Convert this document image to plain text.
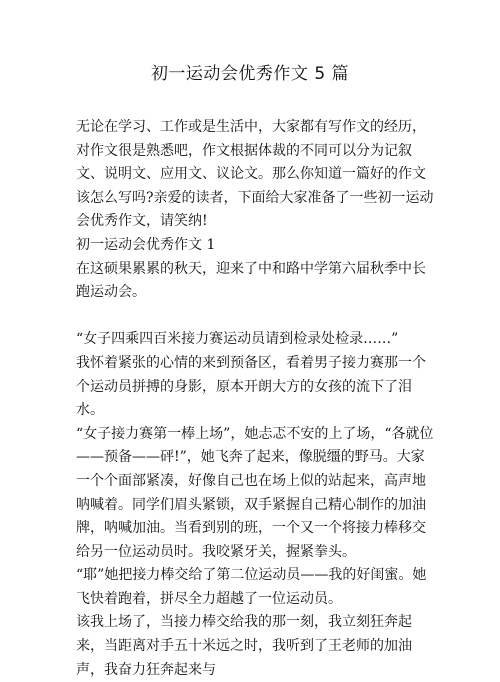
初一运动会优秀作文 5 篇

无论在学习、工作或是生活中，大家都有写作文的经历，对作文很是熟悉吧，作文根据体裁的不同可以分为记叙文、说明文、应用文、议论文。那么你知道一篇好的作文该怎么写吗?亲爱的读者，下面给大家准备了一些初一运动会优秀作文，请笑纳!

初一运动会优秀作文 1

在这硕果累累的秋天，迎来了中和路中学第六届秋季中长跑运动会。

“女子四乘四百米接力赛运动员请到检录处检录……”

我怀着紧张的心情的来到预备区，看着男子接力赛那一个个运动员拼搏的身影，原本开朗大方的女孩的流下了泪水。

“女子接力赛第一棒上场”，她忐忑不安的上了场，“各就位——预备——砰!”，她飞奔了起来，像脱缰的野马。大家一个个面部紧凑，好像自己也在场上似的站起来，高声地呐喊着。同学们眉头紧锁，双手紧握自己精心制作的加油牌，呐喊加油。当看到别的班，一个又一个将接力棒移交给另一位运动员时。我咬紧牙关，握紧拳头。

“耶”她把接力棒交给了第二位运动员——我的好闺蜜。她飞快着跑着，拼尽全力超越了一位运动员。

该我上场了，当接力棒交给我的那一刻，我立刻狂奔起来，当距离对手五十米远之时，我听到了王老师的加油声，我奋力狂奔起来与
